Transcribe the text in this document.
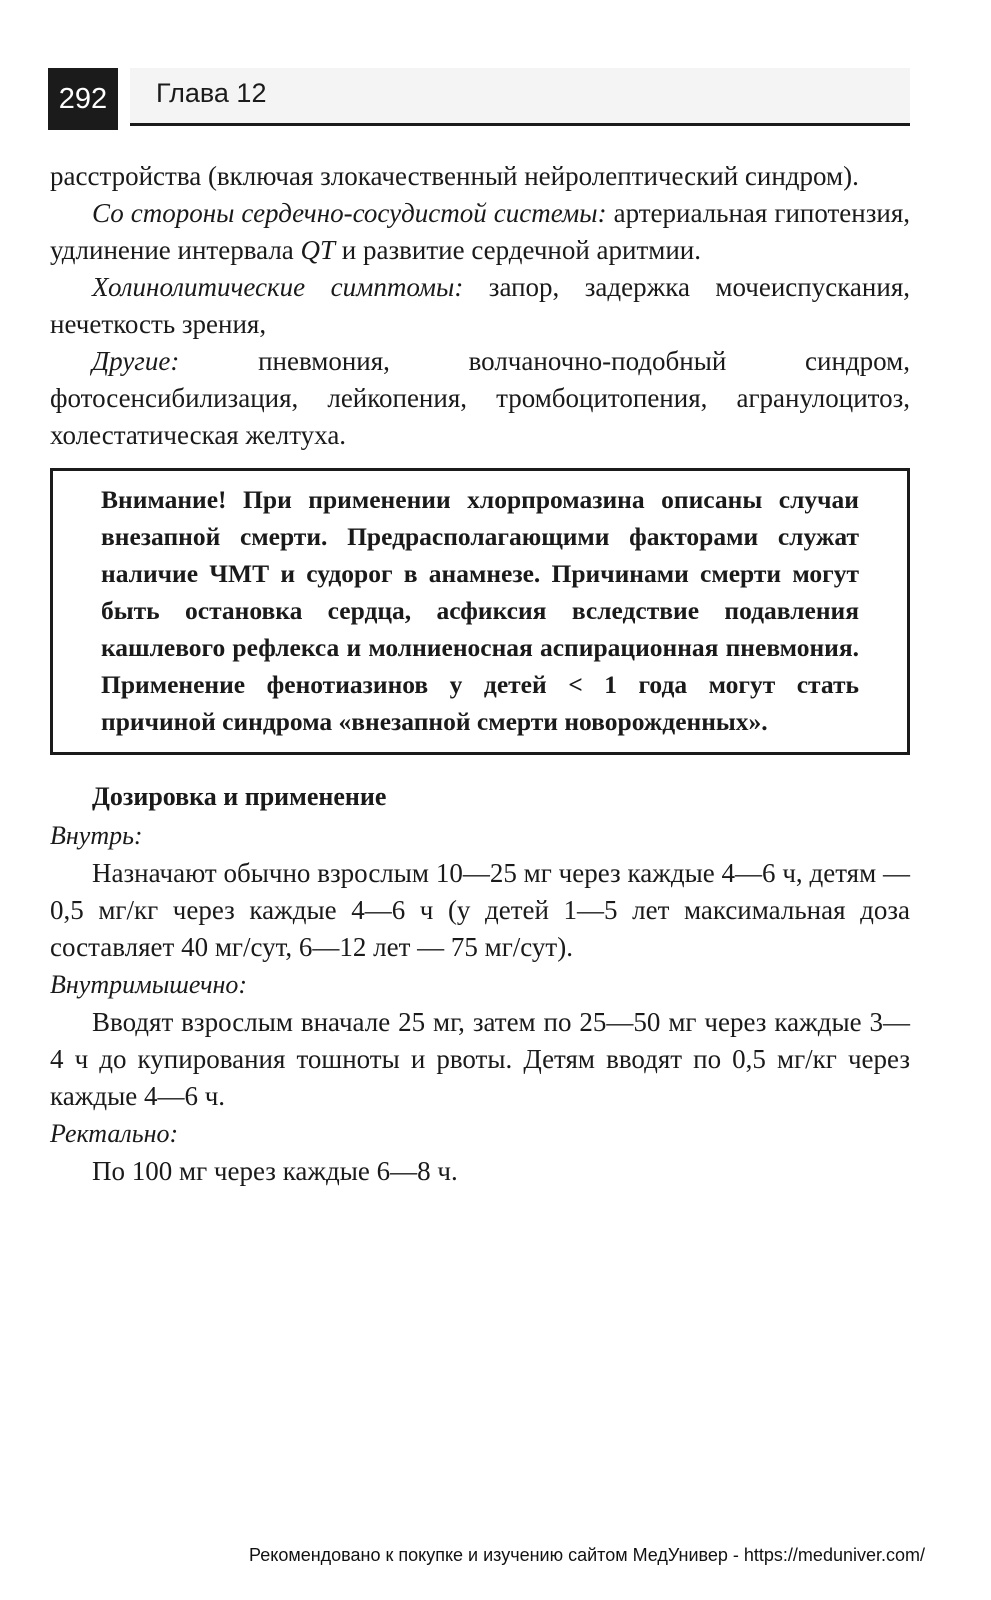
292	Глава 12

расстройства (включая злокачественный нейролептический синдром).

Со стороны сердечно-сосудистой системы: артериальная гипотензия, удлинение интервала QT и развитие сердечной аритмии.

Холинолитические симптомы: запор, задержка мочеиспускания, нечеткость зрения,

Другие: пневмония, волчаночно-подобный синдром, фотосенсибилизация, лейкопения, тромбоцитопения, агранулоцитоз, холестатическая желтуха.

Внимание! При применении хлорпромазина описаны случаи внезапной смерти. Предрасполагающими факторами служат наличие ЧМТ и судорог в анамнезе. Причинами смерти могут быть остановка сердца, асфиксия вследствие подавления кашлевого рефлекса и молниеносная аспирационная пневмония. Применение фенотиазинов у детей < 1 года могут стать причиной синдрома «внезапной смерти новорожденных».
Дозировка и применение

Внутрь:

Назначают обычно взрослым 10—25 мг через каждые 4—6 ч, детям — 0,5 мг/кг через каждые 4—6 ч (у детей 1—5 лет максимальная доза составляет 40 мг/сут, 6—12 лет — 75 мг/сут).

Внутримышечно:

Вводят взрослым вначале 25 мг, затем по 25—50 мг через каждые 3—4 ч до купирования тошноты и рвоты. Детям вводят по 0,5 мг/кг через каждые 4—6 ч.

Ректально:

По 100 мг через каждые 6—8 ч.

Рекомендовано к покупке и изучению сайтом МедУнивер - https://meduniver.com/
